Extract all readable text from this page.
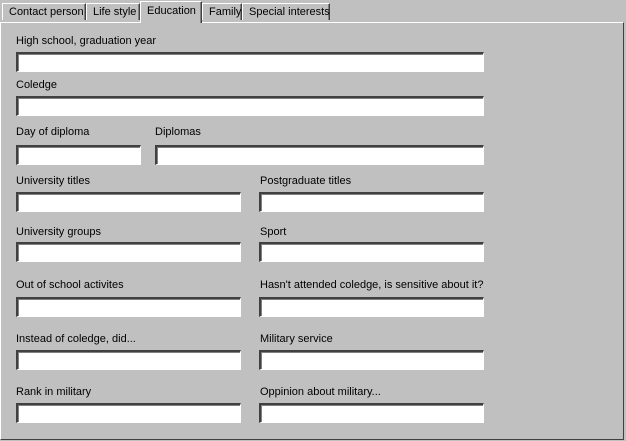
Contact person Life style Education	Family Special interests
High school, graduation year
Coledge
Day of diploma	Diplomas
University titles	Postgraduate titles
University groups	Sport
Out of school activites	Hasn't attended coledge, is sensitive about it?
Instead of coledge, did...	Military service
Rank in military	Oppinion about military...
